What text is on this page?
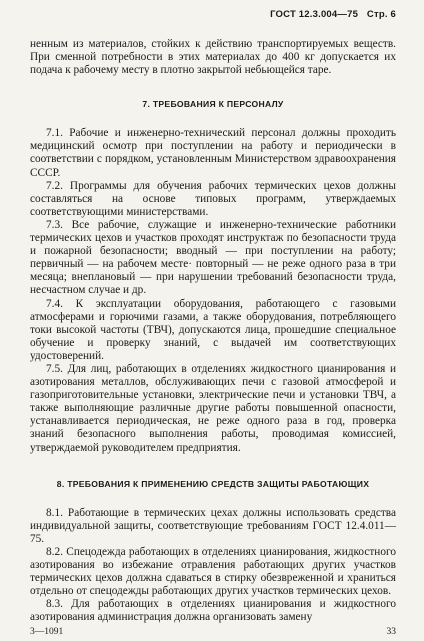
ГОСТ 12.3.004—75 Стр. 6

ненным из материалов, стойких к действию транспортируемых веществ. При сменной потребности в этих материалах до 400 кг допускается их подача к рабочему месту в плотно закрытой небьющейся таре.

7. ТРЕБОВАНИЯ К ПЕРСОНАЛУ

7.1. Рабочие и инженерно-технический персонал должны проходить медицинский осмотр при поступлении на работу и периодически в соответствии с порядком, установленным Министерством здравоохранения СССР.

7.2. Программы для обучения рабочих термических цехов должны составляться на основе типовых программ, утверждаемых соответствующими министерствами.

7.3. Все рабочие, служащие и инженерно-технические работники термических цехов и участков проходят инструктаж по безопасности труда и пожарной безопасности; вводный — при поступлении на работу; первичный — на рабочем месте· повторный — не реже одного раза в три месяца; внеплановый — при нарушении требований безопасности труда, несчастном случае и др.

7.4. К эксплуатации оборудования, работающего с газовыми атмосферами и горючими газами, а также оборудования, потребляющего токи высокой частоты (ТВЧ), допускаются лица, прошедшие специальное обучение и проверку знаний, с выдачей им соответствующих удостоверений.

7.5. Для лиц, работающих в отделениях жидкостного цианирования и азотирования металлов, обслуживающих печи с газовой атмосферой и газоприготовительные установки, электрические печи и установки ТВЧ, а также выполняющие различные другие работы повышенной опасности, устанавливается периодическая, не реже одного раза в год, проверка знаний безопасного выполнения работы, проводимая комиссией, утверждаемой руководителем предприятия.

8. ТРЕБОВАНИЯ К ПРИМЕНЕНИЮ СРЕДСТВ ЗАЩИТЫ РАБОТАЮЩИХ

8.1. Работающие в термических цехах должны использовать средства индивидуальной защиты, соответствующие требованиям ГОСТ 12.4.011—75.

8.2. Спецодежда работающих в отделениях цианирования, жидкостного азотирования во избежание отравления работающих других участков термических цехов должна сдаваться в стирку обезвреженной и храниться отдельно от спецодежды работающих других участков термических цехов.

8.3. Для работающих в отделениях цианирования и жидкостного азотирования администрация должна организовать замену

3—1091	33
